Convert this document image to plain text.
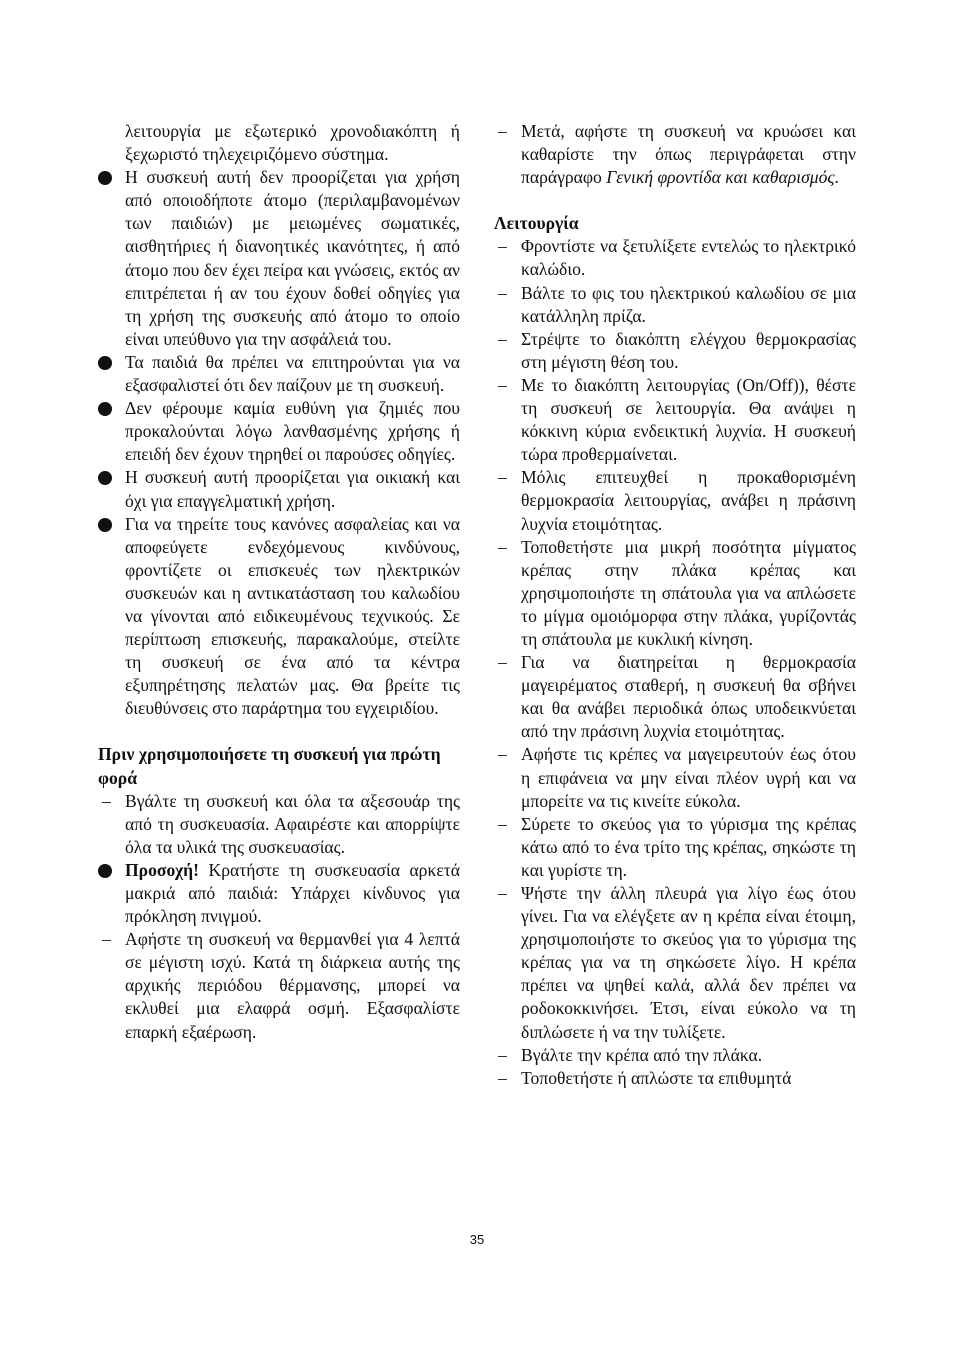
λειτουργία με εξωτερικό χρονοδιακόπτη ή ξεχωριστό τηλεχειριζόμενο σύστημα.
Η συσκευή αυτή δεν προορίζεται για χρήση από οποιοδήποτε άτομο (περιλαμβανομένων των παιδιών) με μειωμένες σωματικές, αισθητήριες ή διανοητικές ικανότητες, ή από άτομο που δεν έχει πείρα και γνώσεις, εκτός αν επιτρέπεται ή αν του έχουν δοθεί οδηγίες για τη χρήση της συσκευής από άτομο το οποίο είναι υπεύθυνο για την ασφάλειά του.
Τα παιδιά θα πρέπει να επιτηρούνται για να εξασφαλιστεί ότι δεν παίζουν με τη συσκευή.
Δεν φέρουμε καμία ευθύνη για ζημιές που προκαλούνται λόγω λανθασμένης χρήσης ή επειδή δεν έχουν τηρηθεί οι παρούσες οδηγίες.
Η συσκευή αυτή προορίζεται για οικιακή και όχι για επαγγελματική χρήση.
Για να τηρείτε τους κανόνες ασφαλείας και να αποφεύγετε ενδεχόμενους κινδύνους, φροντίζετε οι επισκευές των ηλεκτρικών συσκευών και η αντικατάσταση του καλωδίου να γίνονται από ειδικευμένους τεχνικούς. Σε περίπτωση επισκευής, παρακαλούμε, στείλτε τη συσκευή σε ένα από τα κέντρα εξυπηρέτησης πελατών μας. Θα βρείτε τις διευθύνσεις στο παράρτημα του εγχειριδίου.
Πριν χρησιμοποιήσετε τη συσκευή για πρώτη φορά
– Βγάλτε τη συσκευή και όλα τα αξεσουάρ της από τη συσκευασία. Αφαιρέστε και απορρίψτε όλα τα υλικά της συσκευασίας.
Προσοχή! Κρατήστε τη συσκευασία αρκετά μακριά από παιδιά: Υπάρχει κίνδυνος για πρόκληση πνιγμού.
– Αφήστε τη συσκευή να θερμανθεί για 4 λεπτά σε μέγιστη ισχύ. Κατά τη διάρκεια αυτής της αρχικής περιόδου θέρμανσης, μπορεί να εκλυθεί μια ελαφρά οσμή. Εξασφαλίστε επαρκή εξαέρωση.
– Μετά, αφήστε τη συσκευή να κρυώσει και καθαρίστε την όπως περιγράφεται στην παράγραφο Γενική φροντίδα και καθαρισμός.
Λειτουργία
– Φροντίστε να ξετυλίξετε εντελώς το ηλεκτρικό καλώδιο.
– Βάλτε το φις του ηλεκτρικού καλωδίου σε μια κατάλληλη πρίζα.
– Στρέψτε το διακόπτη ελέγχου θερμοκρασίας στη μέγιστη θέση του.
– Με το διακόπτη λειτουργίας (On/Off)), θέστε τη συσκευή σε λειτουργία. Θα ανάψει η κόκκινη κύρια ενδεικτική λυχνία. Η συσκευή τώρα προθερμαίνεται.
– Μόλις επιτευχθεί η προκαθορισμένη θερμοκρασία λειτουργίας, ανάβει η πράσινη λυχνία ετοιμότητας.
– Τοποθετήστε μια μικρή ποσότητα μίγματος κρέπας στην πλάκα κρέπας και χρησιμοποιήστε τη σπάτουλα για να απλώσετε το μίγμα ομοιόμορφα στην πλάκα, γυρίζοντάς τη σπάτουλα με κυκλική κίνηση.
– Για να διατηρείται η θερμοκρασία μαγειρέματος σταθερή, η συσκευή θα σβήνει και θα ανάβει περιοδικά όπως υποδεικνύεται από την πράσινη λυχνία ετοιμότητας.
– Αφήστε τις κρέπες να μαγειρευτούν έως ότου η επιφάνεια να μην είναι πλέον υγρή και να μπορείτε να τις κινείτε εύκολα.
– Σύρετε το σκεύος για το γύρισμα της κρέπας κάτω από το ένα τρίτο της κρέπας, σηκώστε τη και γυρίστε τη.
– Ψήστε την άλλη πλευρά για λίγο έως ότου γίνει. Για να ελέγξετε αν η κρέπα είναι έτοιμη, χρησιμοποιήστε το σκεύος για το γύρισμα της κρέπας για να τη σηκώσετε λίγο. Η κρέπα πρέπει να ψηθεί καλά, αλλά δεν πρέπει να ροδοκοκκινήσει. Έτσι, είναι εύκολο να τη διπλώσετε ή να την τυλίξετε.
– Βγάλτε την κρέπα από την πλάκα.
– Τοποθετήστε ή απλώστε τα επιθυμητά
35
